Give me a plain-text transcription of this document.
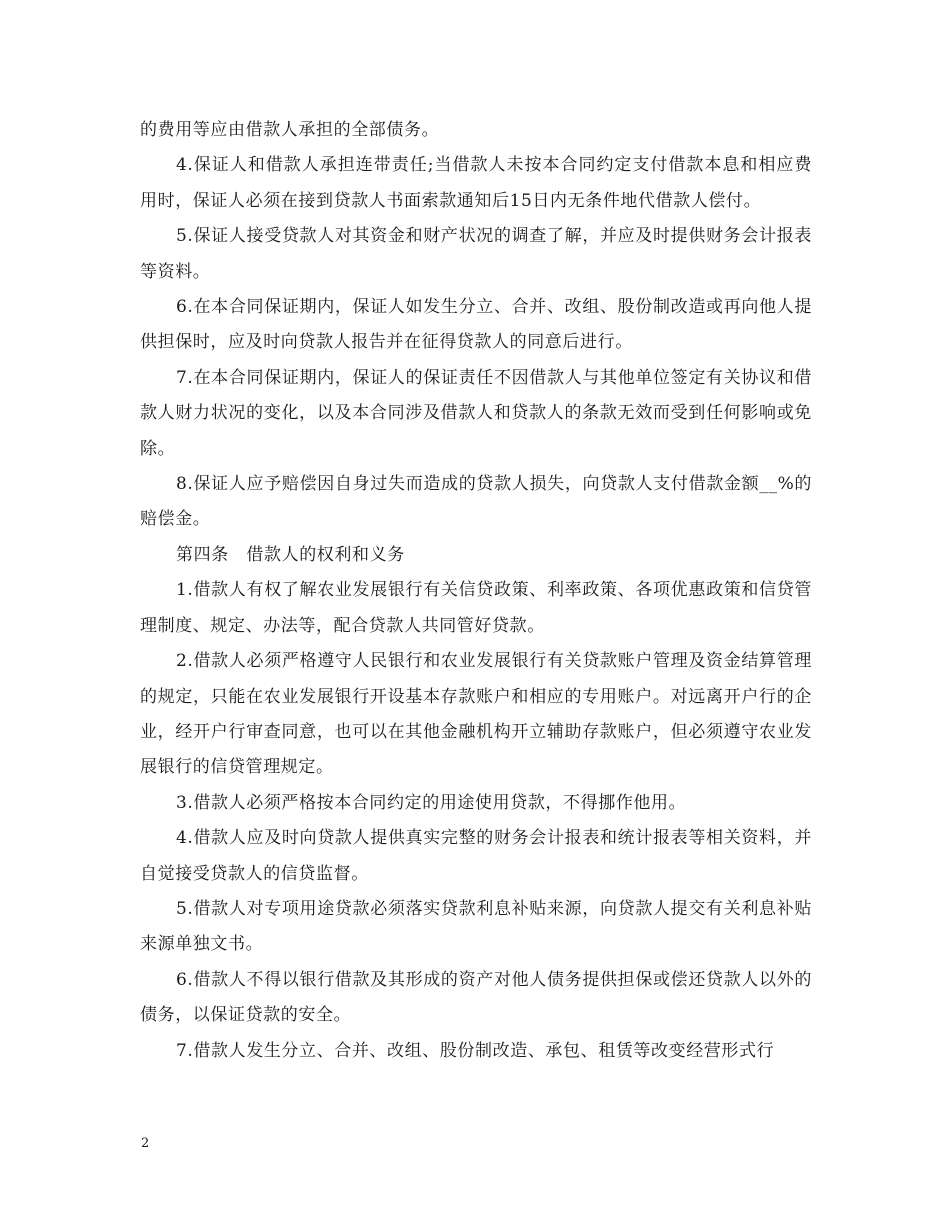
的费用等应由借款人承担的全部债务。

4.保证人和借款人承担连带责任;当借款人未按本合同约定支付借款本息和相应费用时，保证人必须在接到贷款人书面索款通知后15日内无条件地代借款人偿付。

5.保证人接受贷款人对其资金和财产状况的调查了解，并应及时提供财务会计报表等资料。

6.在本合同保证期内，保证人如发生分立、合并、改组、股份制改造或再向他人提供担保时，应及时向贷款人报告并在征得贷款人的同意后进行。

7.在本合同保证期内，保证人的保证责任不因借款人与其他单位签定有关协议和借款人财力状况的变化，以及本合同涉及借款人和贷款人的条款无效而受到任何影响或免除。

8.保证人应予赔偿因自身过失而造成的贷款人损失，向贷款人支付借款金额__%的赔偿金。

第四条　借款人的权利和义务

1.借款人有权了解农业发展银行有关信贷政策、利率政策、各项优惠政策和信贷管理制度、规定、办法等，配合贷款人共同管好贷款。

2.借款人必须严格遵守人民银行和农业发展银行有关贷款账户管理及资金结算管理的规定，只能在农业发展银行开设基本存款账户和相应的专用账户。对远离开户行的企业，经开户行审查同意，也可以在其他金融机构开立辅助存款账户，但必须遵守农业发展银行的信贷管理规定。

3.借款人必须严格按本合同约定的用途使用贷款，不得挪作他用。

4.借款人应及时向贷款人提供真实完整的财务会计报表和统计报表等相关资料，并自觉接受贷款人的信贷监督。

5.借款人对专项用途贷款必须落实贷款利息补贴来源，向贷款人提交有关利息补贴来源单独文书。

6.借款人不得以银行借款及其形成的资产对他人债务提供担保或偿还贷款人以外的债务，以保证贷款的安全。

7.借款人发生分立、合并、改组、股份制改造、承包、租赁等改变经营形式行

2
